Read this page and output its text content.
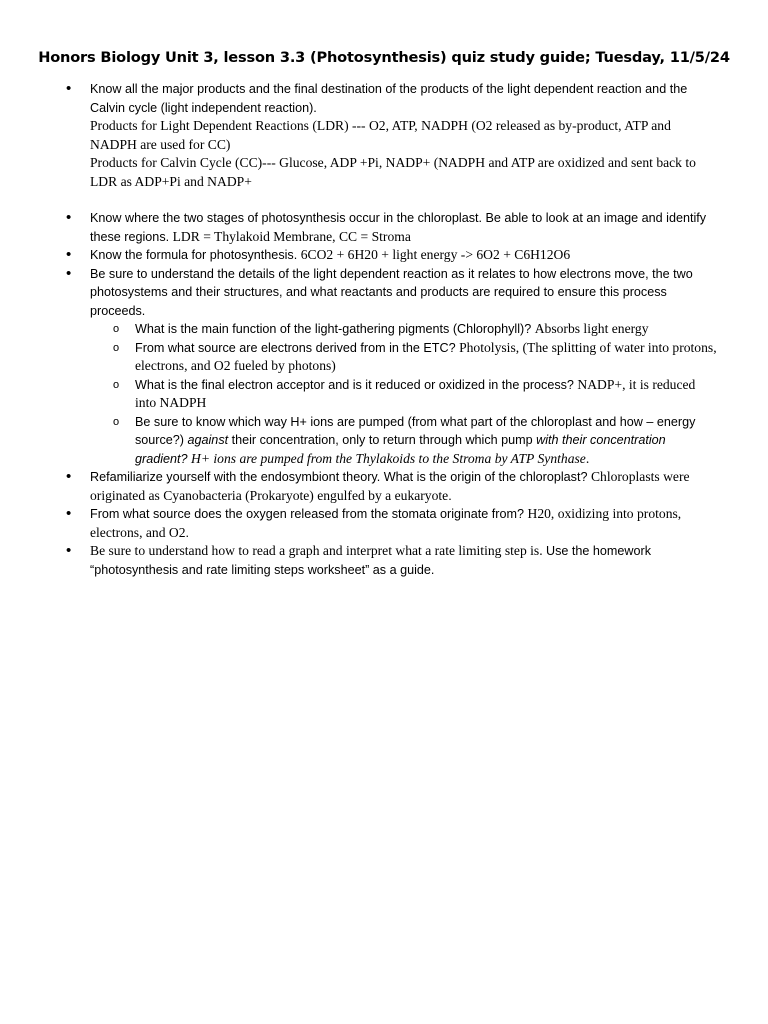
Honors Biology Unit 3, lesson 3.3 (Photosynthesis) quiz study guide; Tuesday, 11/5/24
• Know all the major products and the final destination of the products of the light dependent reaction and the
Calvin cycle (light independent reaction).
Products for Light Dependent Reactions (LDR) --- O2, ATP, NADPH (O2 released as by-product, ATP and
NADPH are used for CC)
Products for Calvin Cycle (CC)--- Glucose, ADP +Pi, NADP+ (NADPH and ATP are oxidized and sent back to
LDR as ADP+Pi and NADP+
• Know where the two stages of photosynthesis occur in the chloroplast. Be able to look at an image and identify
these regions. LDR = Thylakoid Membrane, CC = Stroma
• Know the formula for photosynthesis. 6CO2 + 6H20 + light energy -> 6O2 + C6H12O6
• Be sure to understand the details of the light dependent reaction as it relates to how electrons move, the two
photosystems and their structures, and what reactants and products are required to ensure this process
proceeds.
o What is the main function of the light-gathering pigments (Chlorophyll)? Absorbs light energy
o From what source are electrons derived from in the ETC? Photolysis, (The splitting of water into protons,
electrons, and O2 fueled by photons)
o What is the final electron acceptor and is it reduced or oxidized in the process? NADP+, it is reduced
into NADPH
o Be sure to know which way H+ ions are pumped (from what part of the chloroplast and how – energy
source?) against their concentration, only to return through which pump with their concentration
gradient? H+ ions are pumped from the Thylakoids to the Stroma by ATP Synthase.
• Refamiliarize yourself with the endosymbiont theory. What is the origin of the chloroplast? Chloroplasts were
originated as Cyanobacteria (Prokaryote) engulfed by a eukaryote.
• From what source does the oxygen released from the stomata originate from? H20, oxidizing into protons,
electrons, and O2.
• Be sure to understand how to read a graph and interpret what a rate limiting step is. Use the homework
“photosynthesis and rate limiting steps worksheet” as a guide.
